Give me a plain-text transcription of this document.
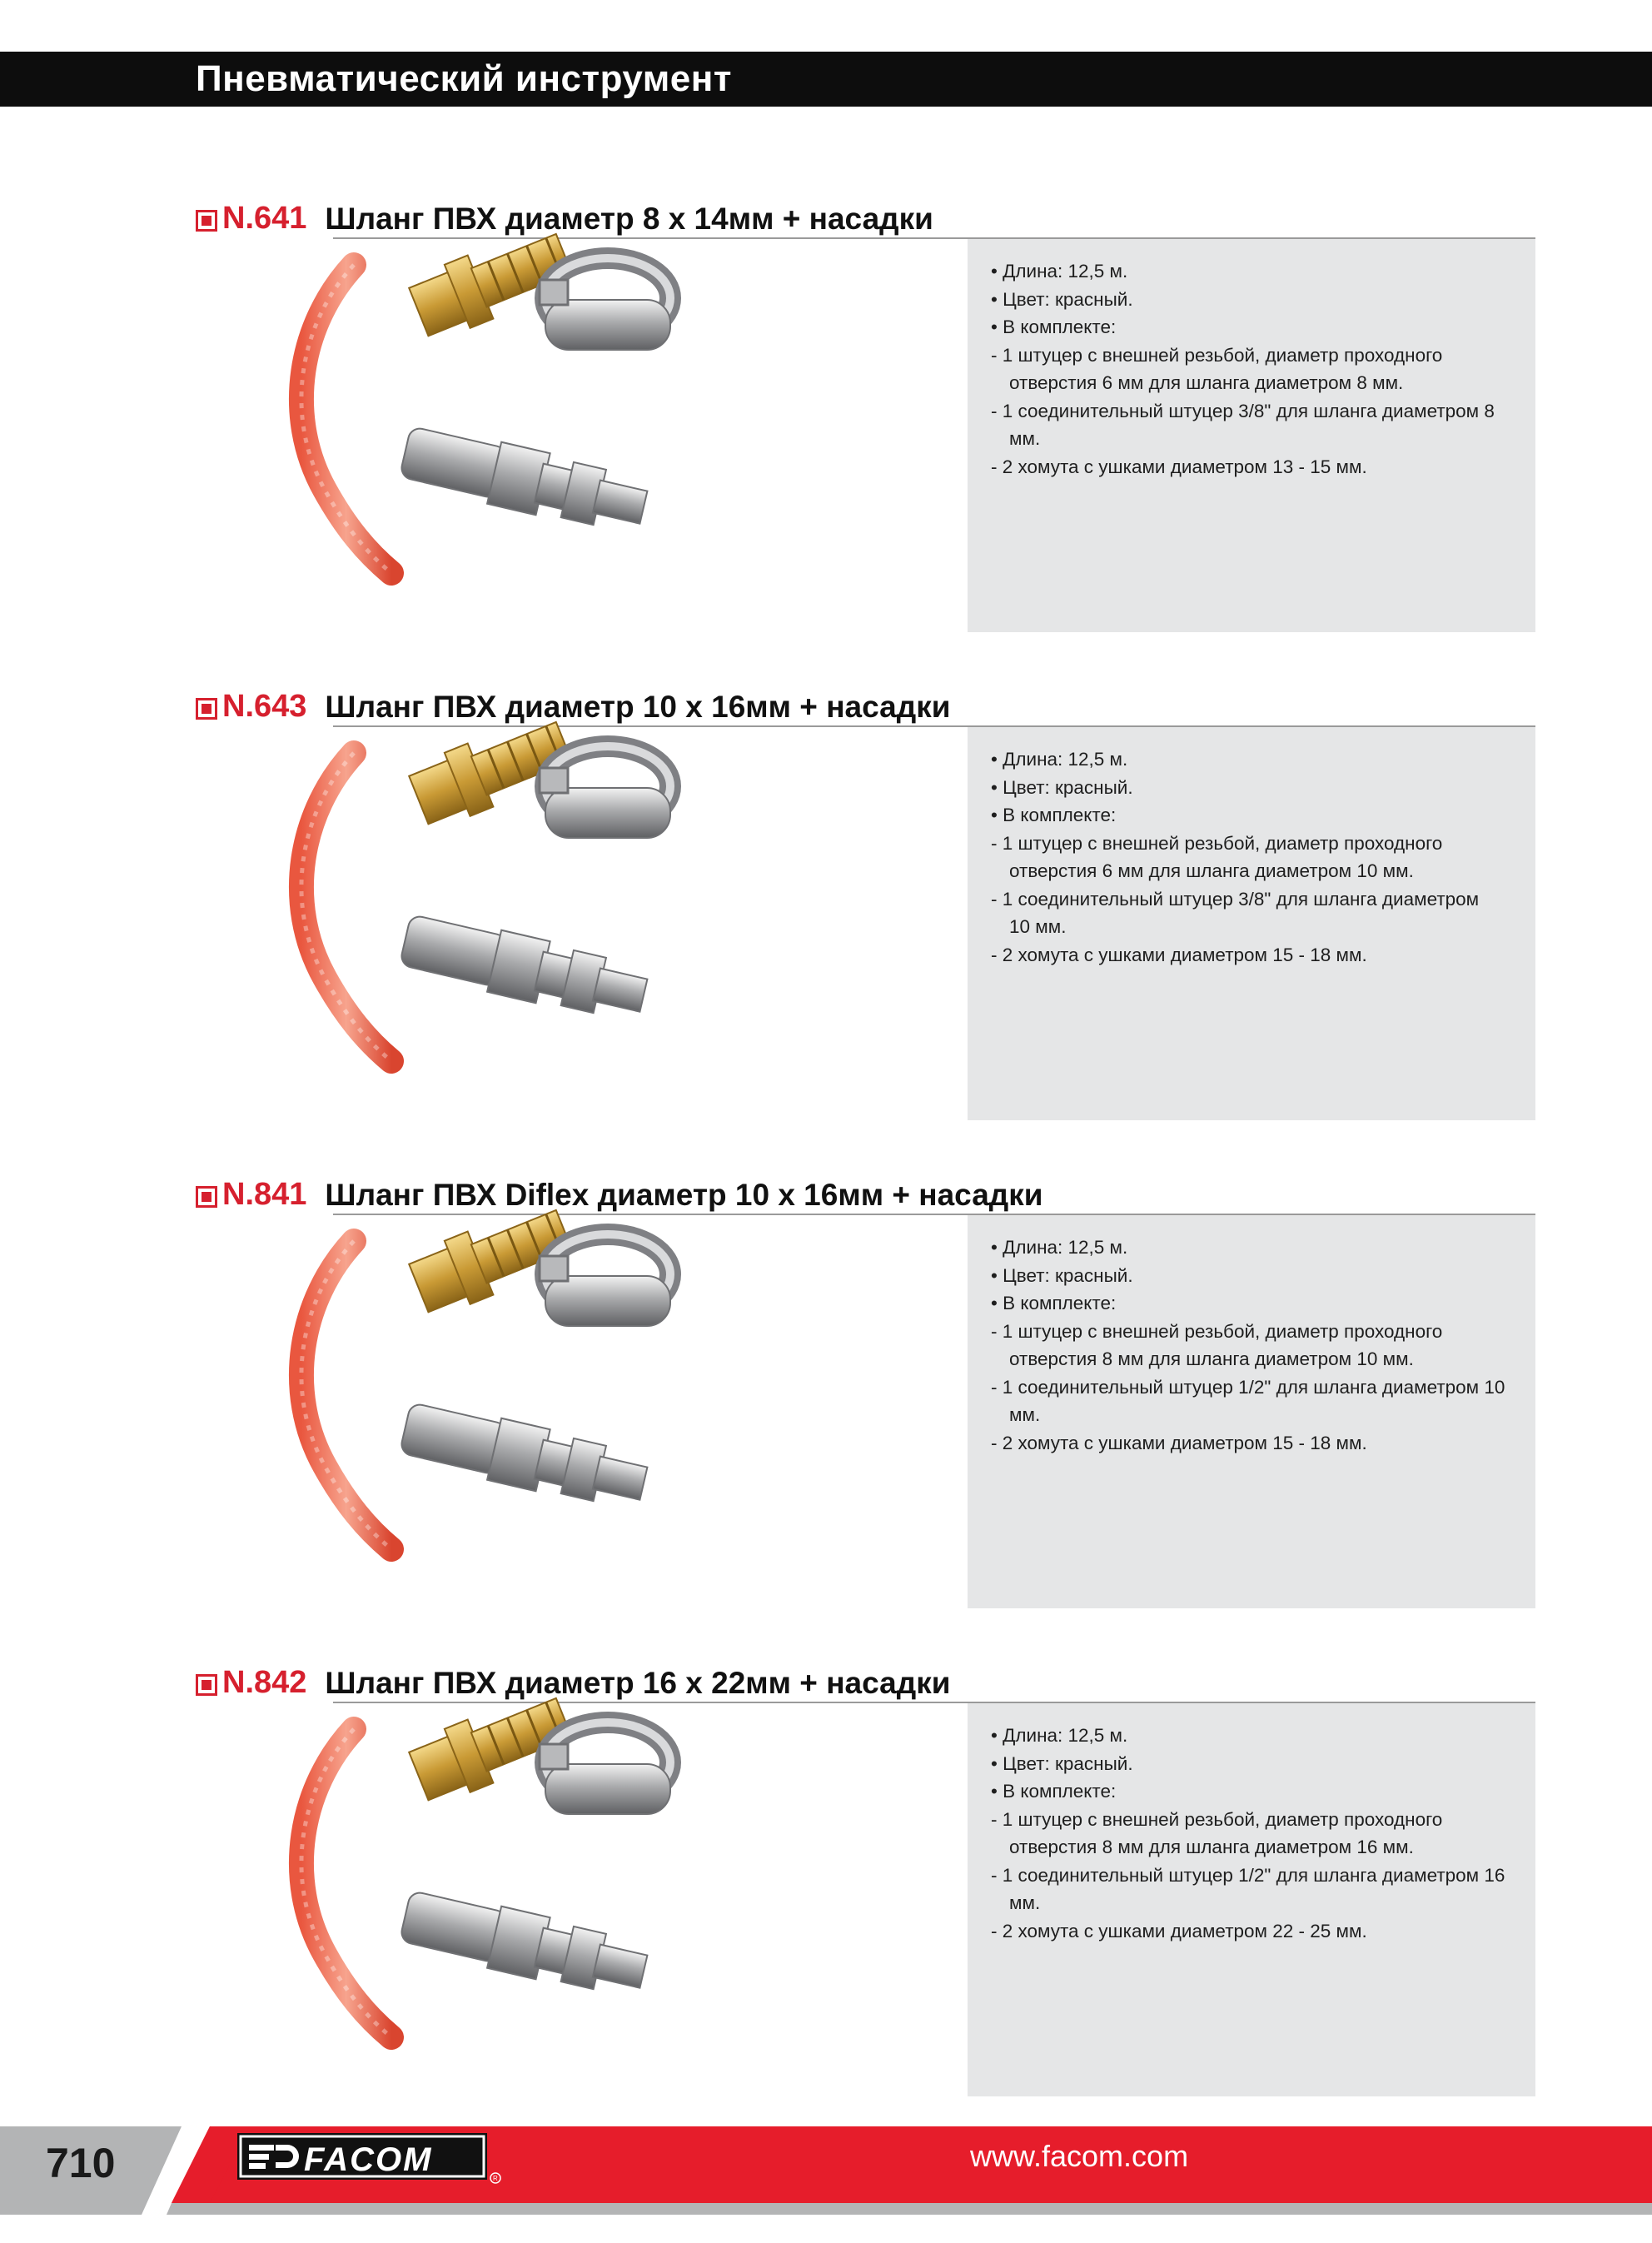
Пневматический инструмент
N.641 Шланг ПВХ диаметр 8 x 14мм + насадки
• Длина: 12,5 м.
• Цвет: красный.
• В комплекте:
- 1 штуцер с внешней резьбой, диаметр проходного
отверстия 6 мм для шланга диаметром 8 мм.
- 1 соединительный штуцер 3/8" для шланга диаметром 8
мм.
- 2 хомута с ушками диаметром 13 - 15 мм.
N.643 Шланг ПВХ диаметр 10 x 16мм + насадки
• Длина: 12,5 м.
• Цвет: красный.
• В комплекте:
- 1 штуцер с внешней резьбой, диаметр проходного
отверстия 6 мм для шланга диаметром 10 мм.
- 1 соединительный штуцер 3/8" для шланга диаметром
10 мм.
- 2 хомута с ушками диаметром 15 - 18 мм.
N.841 Шланг ПВХ Diflex диаметр 10 x 16мм + насадки
• Длина: 12,5 м.
• Цвет: красный.
• В комплекте:
- 1 штуцер с внешней резьбой, диаметр проходного
отверстия 8 мм для шланга диаметром 10 мм.
- 1 соединительный штуцер 1/2" для шланга диаметром 10
мм.
- 2 хомута с ушками диаметром 15 - 18 мм.
N.842 Шланг ПВХ диаметр 16 x 22мм + насадки
• Длина: 12,5 м.
• Цвет: красный.
• В комплекте:
- 1 штуцер с внешней резьбой, диаметр проходного
отверстия 8 мм для шланга диаметром 16 мм.
- 1 соединительный штуцер 1/2" для шланга диаметром 16
мм.
- 2 хомута с ушками диаметром 22 - 25 мм.
710	FACOM
R
www.facom.com
